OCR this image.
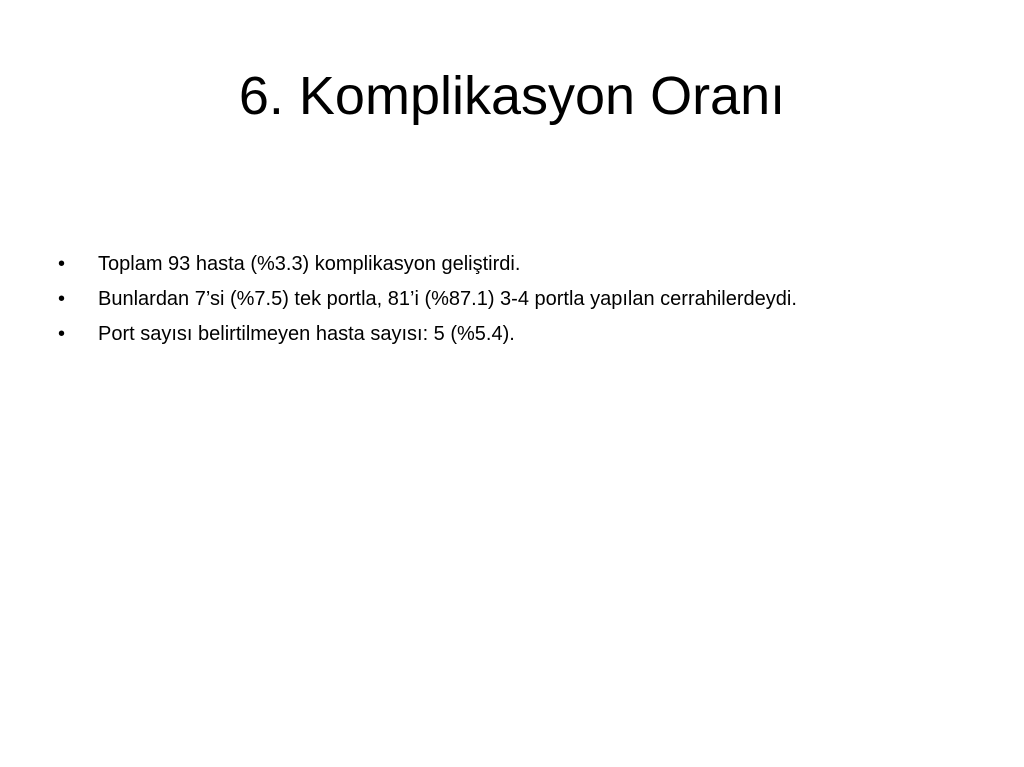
6. Komplikasyon Oranı
•	Toplam 93 hasta (%3.3) komplikasyon geliştirdi.
•	Bunlardan 7’si (%7.5) tek portla, 81’i (%87.1) 3-4 portla yapılan cerrahilerdeydi.
•	Port sayısı belirtilmeyen hasta sayısı: 5 (%5.4).
